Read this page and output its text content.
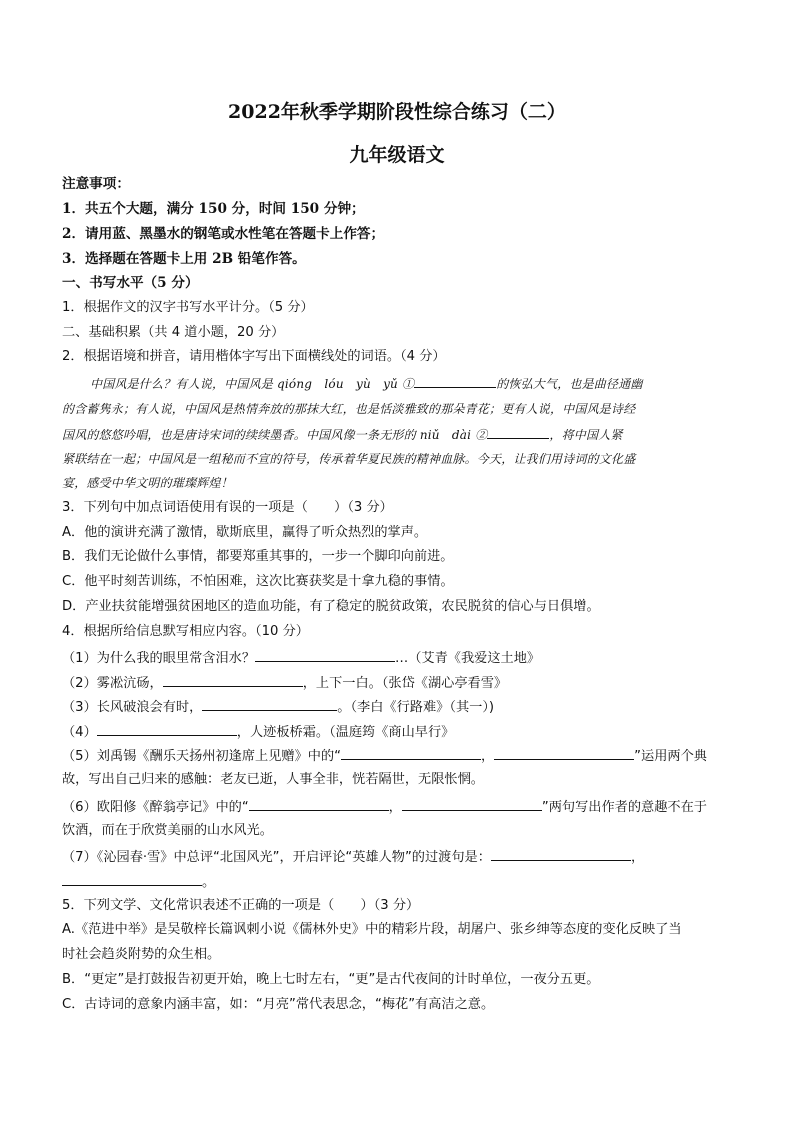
2022年秋季学期阶段性综合练习（二）
九年级语文
注意事项：
1．共五个大题，满分 150 分，时间 150 分钟；
2．请用蓝、黑墨水的钢笔或水性笔在答题卡上作答；
3．选择题在答题卡上用 2B 铅笔作答。
一、书写水平（5 分）
1．根据作文的汉字书写水平计分。（5 分）
二、基础积累（共 4 道小题，20 分）
2．根据语境和拼音，请用楷体字写出下面横线处的词语。（4 分）
中国风是什么？有人说，中国风是 qióng　lóu　yù　yǔ ①	的恢弘大气，也是曲径通幽
的含蓄隽永；有人说，中国风是热情奔放的那抹大红，也是恬淡雅致的那朵青花；更有人说，中国风是诗经
国风的悠悠吟唱，也是唐诗宋词的续续墨香。中国风像一条无形的 niǔ　dài ②	，将中国人紧
紧联结在一起；中国风是一组秘而不宣的符号，传承着华夏民族的精神血脉。今天，让我们用诗词的文化盛
宴，感受中华文明的璀璨辉煌！
3．下列句中加点词语使用有误的一项是（　　）（3 分）
A．他的演讲充满了激情，歇斯底里，赢得了听众热烈的掌声。
B．我们无论做什么事情，都要郑重其事的，一步一个脚印向前进。
C．他平时刻苦训练，不怕困难，这次比赛获奖是十拿九稳的事情。
D．产业扶贫能增强贫困地区的造血功能，有了稳定的脱贫政策，农民脱贫的信心与日俱增。
4．根据所给信息默写相应内容。（10 分）
（1）为什么我的眼里常含泪水？	…（艾青《我爱这土地》
（2）雾凇沆砀，	，上下一白。（张岱《湖心亭看雪》
（3）长风破浪会有时，	。（李白《行路难》（其一）)
（4）	，人迹板桥霜。（温庭筠《商山早行》
（5）刘禹锡《酬乐天扬州初逢席上见赠》中的“	，	”运用两个典
故，写出自己归来的感触：老友已逝，人事全非，恍若隔世，无限怅惘。
（6）欧阳修《醉翁亭记》中的“	，	”两句写出作者的意趣不在于
饮酒，而在于欣赏美丽的山水风光。
（7）《沁园春·雪》中总评“北国风光”，开启评论“英雄人物”的过渡句是：	，
。
5．下列文学、文化常识表述不正确的一项是（　　）（3 分）
A.《范进中举》是吴敬梓长篇讽刺小说《儒林外史》中的精彩片段，胡屠户、张乡绅等态度的变化反映了当
时社会趋炎附势的众生相。
B．“更定”是打鼓报告初更开始，晚上七时左右，“更”是古代夜间的计时单位，一夜分五更。
C．古诗词的意象内涵丰富，如：“月亮”常代表思念，“梅花”有高洁之意。
